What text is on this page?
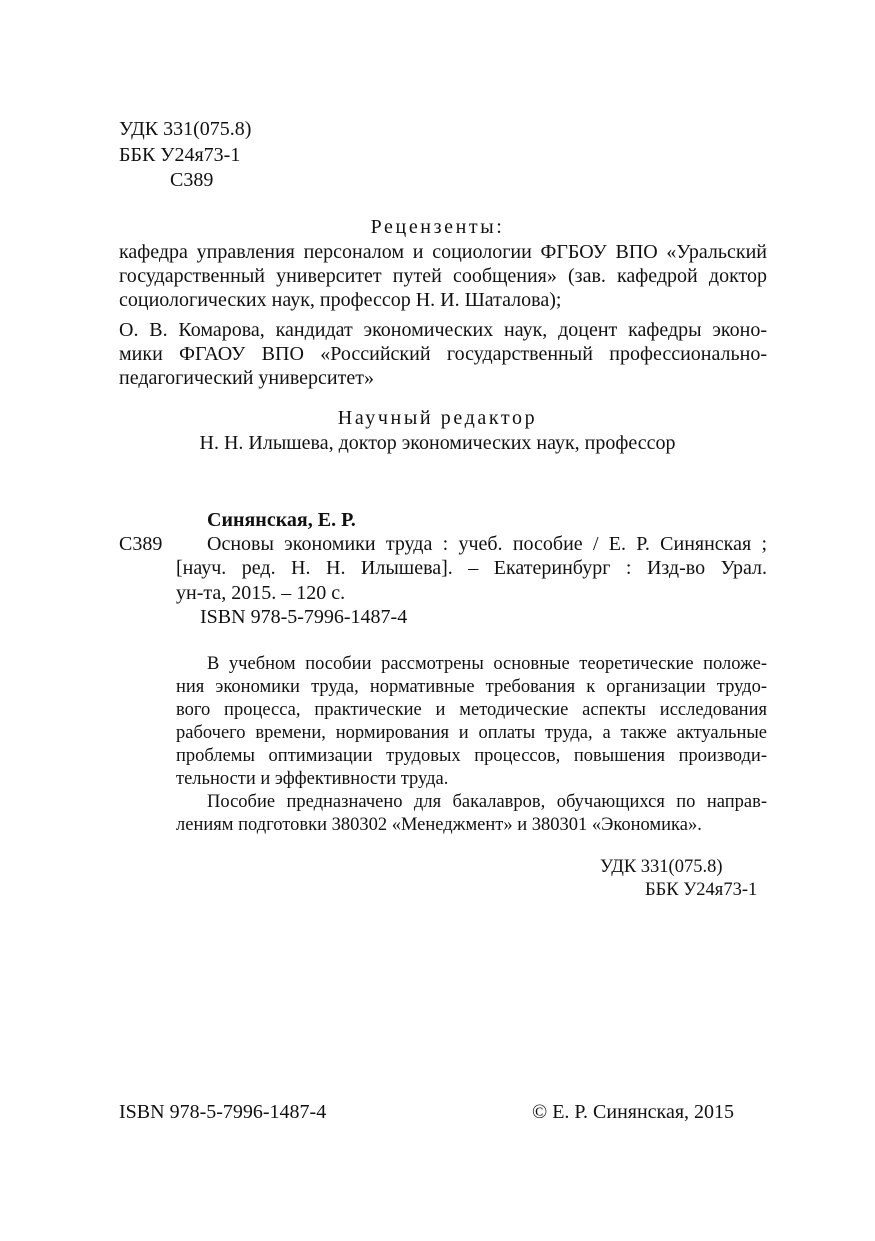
УДК 331(075.8)

ББК У24я73-1

С389

Рецензенты:

кафедра управления персоналом и социологии ФГБОУ ВПО «Уральский

государственный университет путей сообщения» (зав. кафедрой доктор

социологических наук, профессор Н. И. Шаталова);

О. В. Комарова, кандидат экономических наук, доцент кафедры эконо-

мики ФГАОУ ВПО «Российский государственный профессионально-

педагогический университет»

Научный редактор

Н. Н. Илышева, доктор экономических наук, профессор

Синянская, Е. Р.

С389 Основы экономики труда : учеб. пособие / Е. Р. Синянская ;

[науч. ред. Н. Н. Илышева]. – Екатеринбург : Изд-во Урал.

ун-та, 2015. – 120 с.

ISBN 978-5-7996-1487-4

В учебном пособии рассмотрены основные теоретические положе-

ния экономики труда, нормативные требования к организации трудо-

вого процесса, практические и методические аспекты исследования

рабочего времени, нормирования и оплаты труда, а также актуальные

проблемы оптимизации трудовых процессов, повышения производи-

тельности и эффективности труда.

Пособие предназначено для бакалавров, обучающихся по направ-

лениям подготовки 380302 «Менеджмент» и 380301 «Экономика».

УДК 331(075.8)

ББК У24я73-1

ISBN 978-5-7996-1487-4	© Е. Р. Синянская, 2015
